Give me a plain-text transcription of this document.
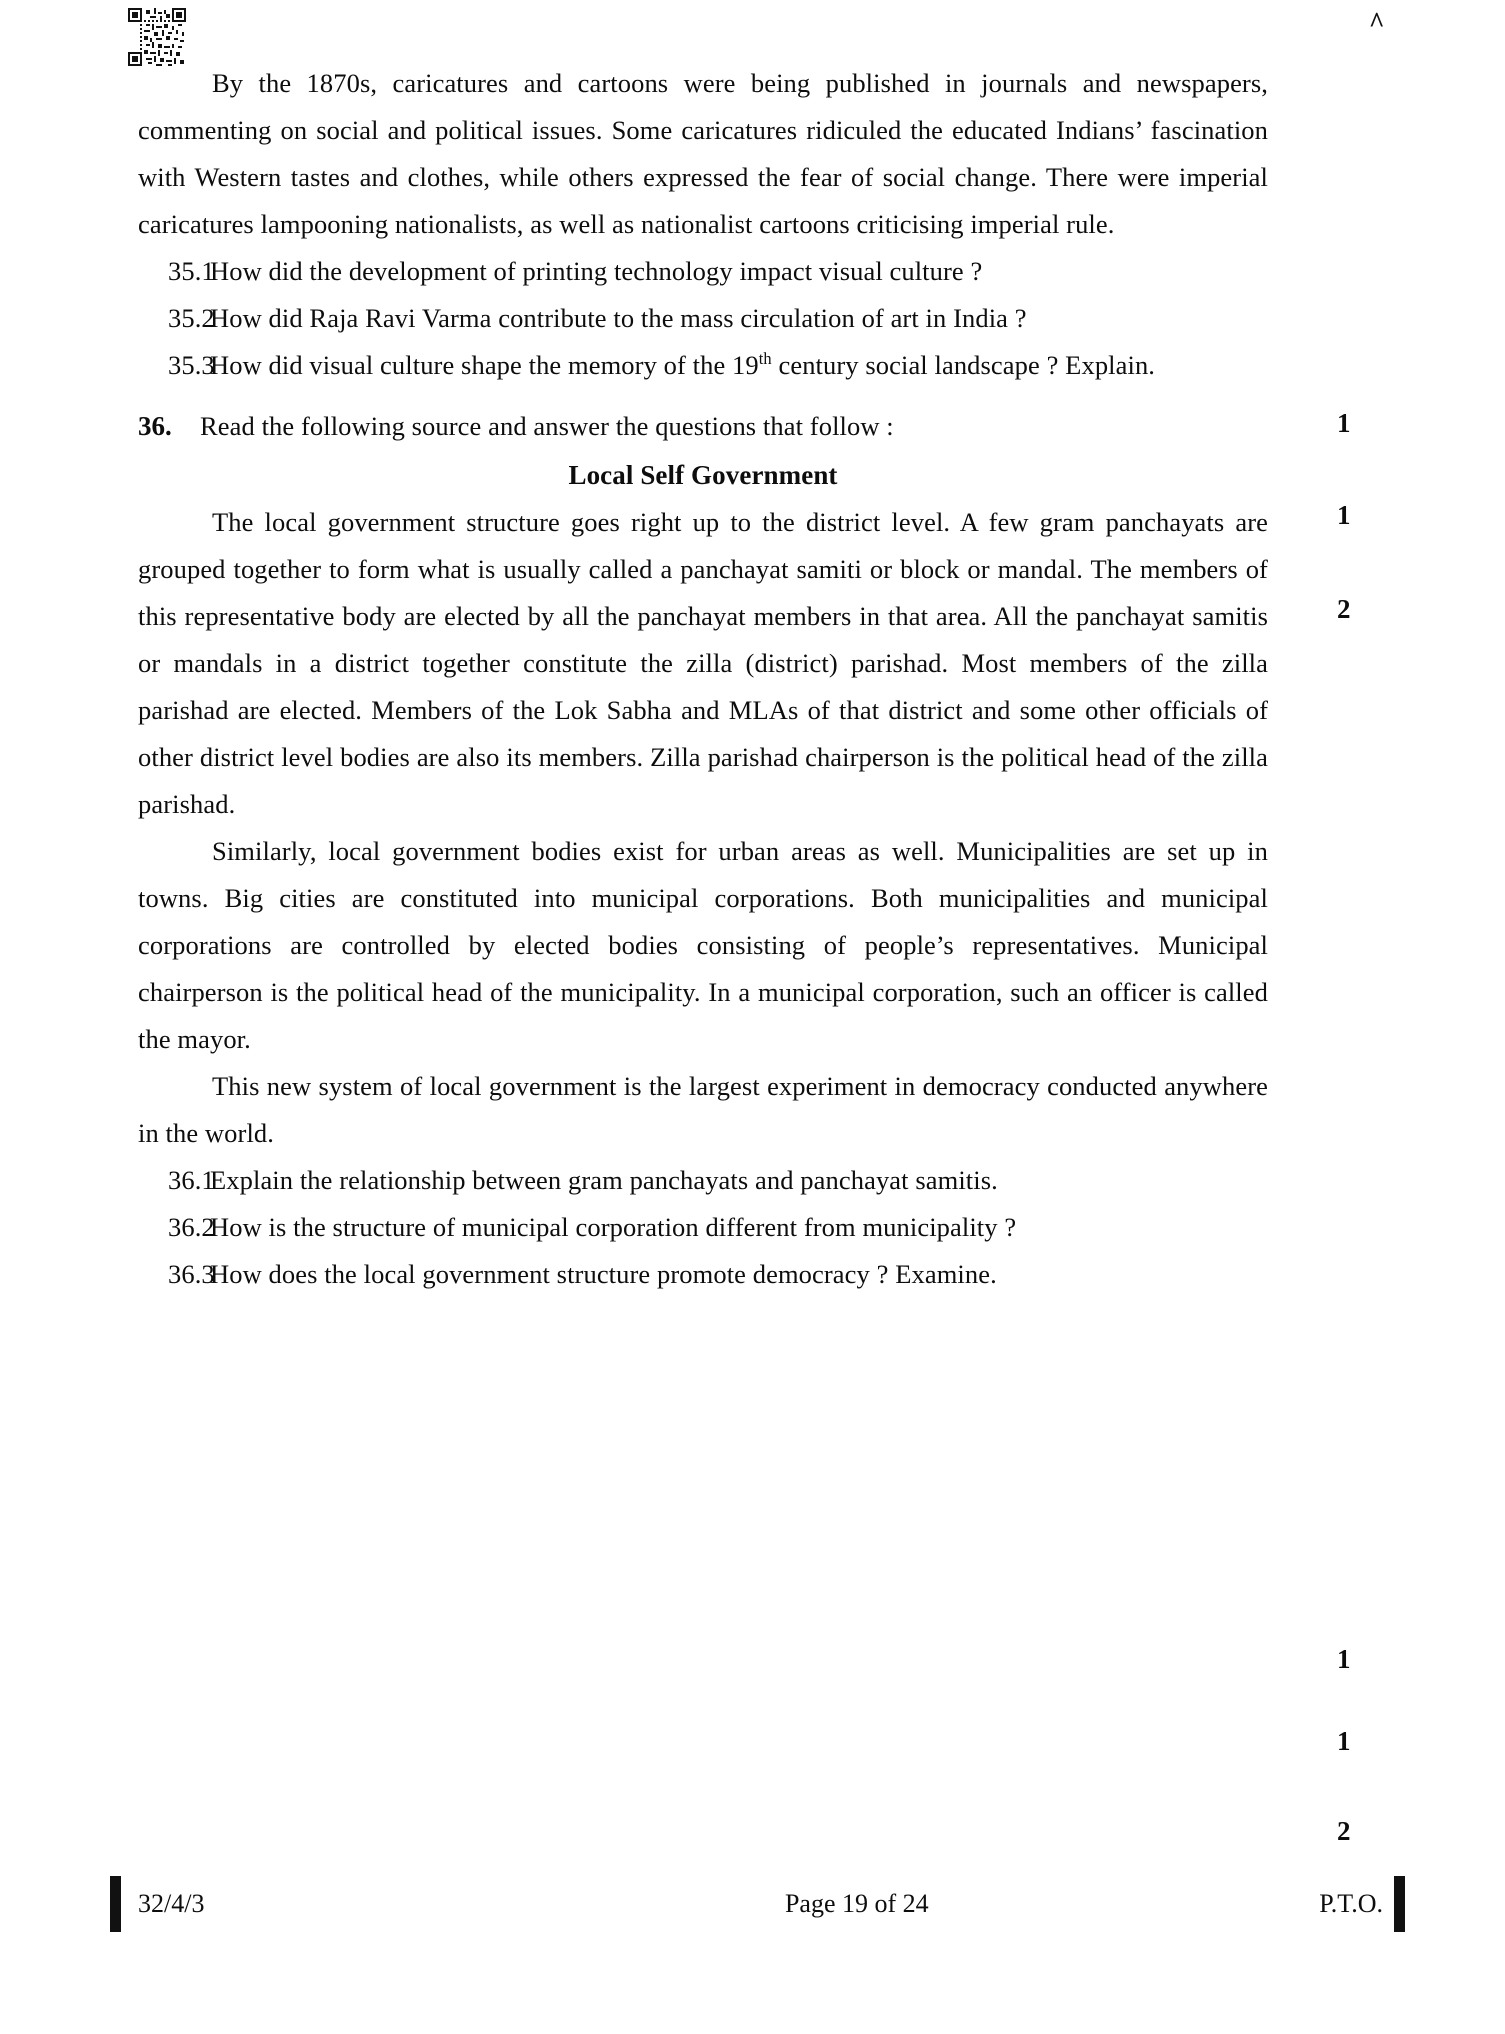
^

By the 1870s, caricatures and cartoons were being published in journals and newspapers, commenting on social and political issues. Some caricatures ridiculed the educated Indians’ fascination with Western tastes and clothes, while others expressed the fear of social change. There were imperial caricatures lampooning nationalists, as well as nationalist cartoons criticising imperial rule.

35.1
How did the development of printing technology impact visual culture ?
35.2
How did Raja Ravi Varma contribute to the mass circulation of art in India ?
35.3
How did visual culture shape the memory of the 19th century social landscape ? Explain.
36.	Read the following source and answer the questions that follow :
Local Self Government

The local government structure goes right up to the district level. A few gram panchayats are grouped together to form what is usually called a panchayat samiti or block or mandal. The members of this representative body are elected by all the panchayat members in that area. All the panchayat samitis or mandals in a district together constitute the zilla (district) parishad. Most members of the zilla parishad are elected. Members of the Lok Sabha and MLAs of that district and some other officials of other district level bodies are also its members. Zilla parishad chairperson is the political head of the zilla parishad.

Similarly, local government bodies exist for urban areas as well. Municipalities are set up in towns. Big cities are constituted into municipal corporations. Both municipalities and municipal corporations are controlled by elected bodies consisting of people’s representatives. Municipal chairperson is the political head of the municipality. In a municipal corporation, such an officer is called the mayor.

This new system of local government is the largest experiment in democracy conducted anywhere in the world.

36.1
Explain the relationship between gram panchayats and panchayat samitis.
36.2
How is the structure of municipal corporation different from municipality ?
36.3
How does the local government structure promote democracy ? Examine.
1
1
2
1
1
2
32/4/3	Page 19 of 24	P.T.O.
